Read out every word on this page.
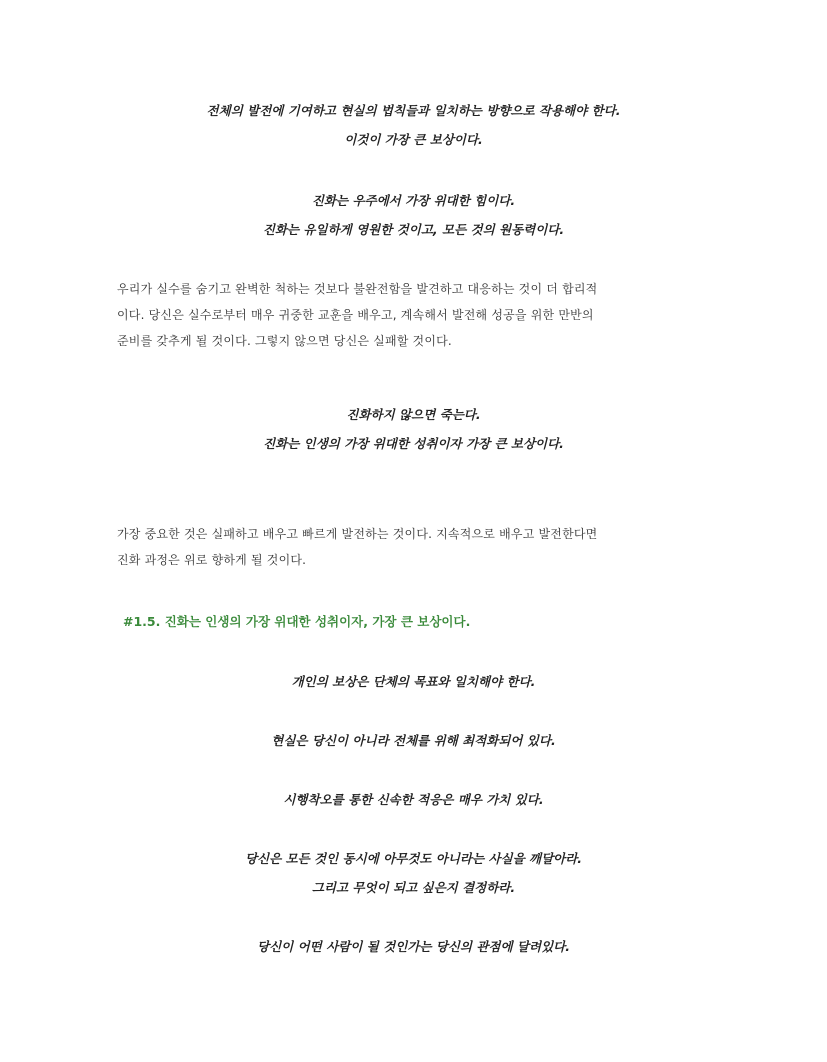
전체의 발전에 기여하고 현실의 법칙들과 일치하는 방향으로 작용해야 한다.
이것이 가장 큰 보상이다.
진화는 우주에서 가장 위대한 힘이다.
진화는 유일하게 영원한 것이고, 모든 것의 원동력이다.
우리가 실수를 숨기고 완벽한 척하는 것보다 불완전함을 발견하고 대응하는 것이 더 합리적
이다. 당신은 실수로부터 매우 귀중한 교훈을 배우고, 계속해서 발전해 성공을 위한 만반의
준비를 갖추게 될 것이다. 그렇지 않으면 당신은 실패할 것이다.
진화하지 않으면 죽는다.
진화는 인생의 가장 위대한 성취이자 가장 큰 보상이다.
가장 중요한 것은 실패하고 배우고 빠르게 발전하는 것이다. 지속적으로 배우고 발전한다면
진화 과정은 위로 향하게 될 것이다.
#1.5. 진화는 인생의 가장 위대한 성취이자, 가장 큰 보상이다.
개인의 보상은 단체의 목표와 일치해야 한다.
현실은 당신이 아니라 전체를 위해 최적화되어 있다.
시행착오를 통한 신속한 적응은 매우 가치 있다.
당신은 모든 것인 동시에 아무것도 아니라는 사실을 깨달아라.
그리고 무엇이 되고 싶은지 결정하라.
당신이 어떤 사람이 될 것인가는 당신의 관점에 달려있다.
